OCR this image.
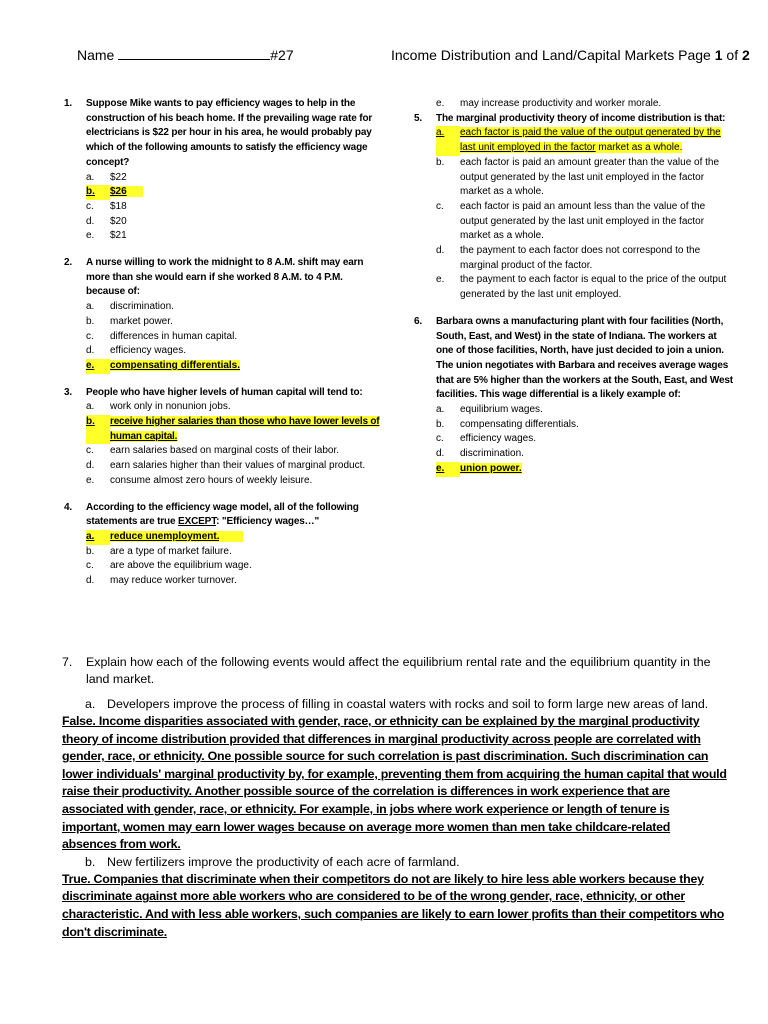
Name	#27	Income Distribution and Land/Capital Markets Page 1 of 2
1.	Suppose Mike wants to pay efficiency wages to help in the construction of his beach home. If the prevailing wage rate for electricians is $22 per hour in his area, he would probably pay which of the following amounts to satisfy the efficiency wage concept?
a.	$22
b.	$26
c.	$18
d.	$20
e.	$21
2.	A nurse willing to work the midnight to 8 A.M. shift may earn more than she would earn if she worked 8 A.M. to 4 P.M. because of:
a.	discrimination.
b.	market power.
c.	differences in human capital.
d.	efficiency wages.
e.	compensating differentials.
3.	People who have higher levels of human capital will tend to:
a.	work only in nonunion jobs.
b.	receive higher salaries than those who have lower levels of human capital.
c.	earn salaries based on marginal costs of their labor.
d.	earn salaries higher than their values of marginal product.
e.	consume almost zero hours of weekly leisure.
4.	According to the efficiency wage model, all of the following statements are true EXCEPT: "Efficiency wages…"
a.	reduce unemployment.
b.	are a type of market failure.
c.	are above the equilibrium wage.
d.	may reduce worker turnover.
e.	may increase productivity and worker morale.
5.	The marginal productivity theory of income distribution is that:
a.	each factor is paid the value of the output generated by the last unit employed in the factor market as a whole.
b.	each factor is paid an amount greater than the value of the output generated by the last unit employed in the factor market as a whole.
c.	each factor is paid an amount less than the value of the output generated by the last unit employed in the factor market as a whole.
d.	the payment to each factor does not correspond to the marginal product of the factor.
e.	the payment to each factor is equal to the price of the output generated by the last unit employed.
6.	Barbara owns a manufacturing plant with four facilities (North, South, East, and West) in the state of Indiana. The workers at one of those facilities, North, have just decided to join a union. The union negotiates with Barbara and receives average wages that are 5% higher than the workers at the South, East, and West facilities. This wage differential is a likely example of:
a.	equilibrium wages.
b.	compensating differentials.
c.	efficiency wages.
d.	discrimination.
e.	union power.
7.	Explain how each of the following events would affect the equilibrium rental rate and the equilibrium quantity in the land market.
a. Developers improve the process of filling in coastal waters with rocks and soil to form large new areas of land.
False. Income disparities associated with gender, race, or ethnicity can be explained by the marginal productivity theory of income distribution provided that differences in marginal productivity across people are correlated with gender, race, or ethnicity. One possible source for such correlation is past discrimination. Such discrimination can lower individuals' marginal productivity by, for example, preventing them from acquiring the human capital that would raise their productivity. Another possible source of the correlation is differences in work experience that are associated with gender, race, or ethnicity. For example, in jobs where work experience or length of tenure is important, women may earn lower wages because on average more women than men take childcare-related absences from work.
b. New fertilizers improve the productivity of each acre of farmland.
True. Companies that discriminate when their competitors do not are likely to hire less able workers because they discriminate against more able workers who are considered to be of the wrong gender, race, ethnicity, or other characteristic. And with less able workers, such companies are likely to earn lower profits than their competitors who don't discriminate.
